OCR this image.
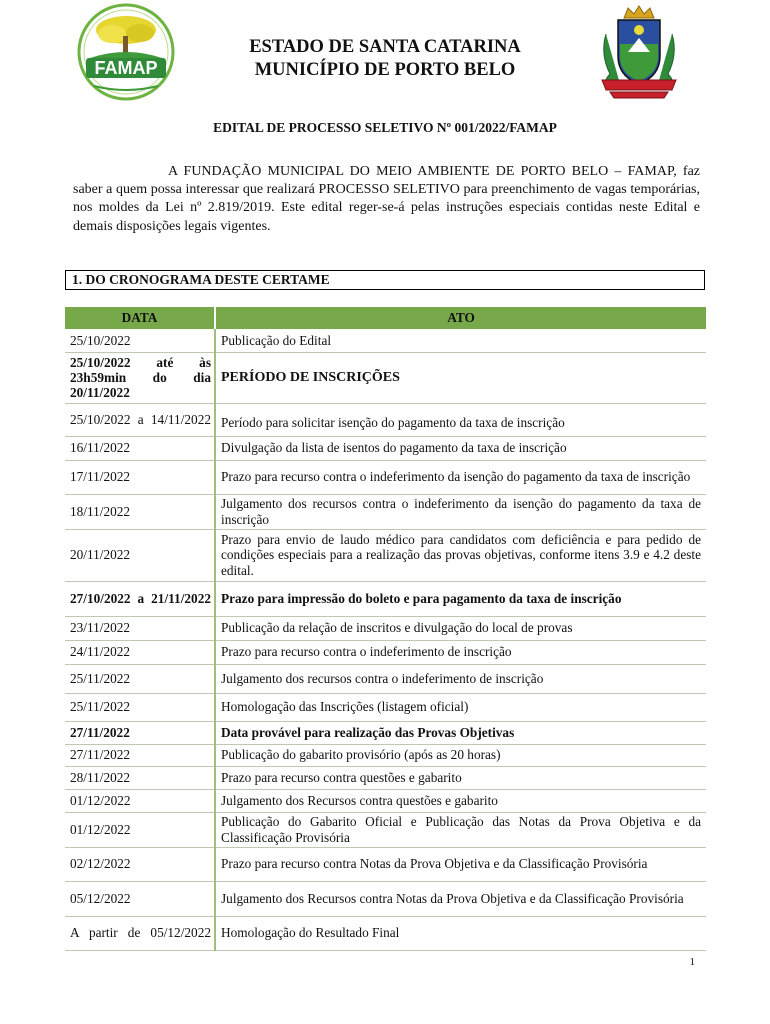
FAMAP
ESTADO DE SANTA CATARINA
MUNICÍPIO DE PORTO BELO
EDITAL DE PROCESSO SELETIVO Nº 001/2022/FAMAP
A FUNDAÇÃO MUNICIPAL DO MEIO AMBIENTE DE PORTO BELO – FAMAP, faz saber a quem possa interessar que realizará PROCESSO SELETIVO para preenchimento de vagas temporárias, nos moldes da Lei nº 2.819/2019. Este edital reger-se-á pelas instruções especiais contidas neste Edital e demais disposições legais vigentes.
1. DO CRONOGRAMA DESTE CERTAME
DATA	ATO
25/10/2022	Publicação do Edital
25/10/2022 até às 23h59min do dia 20/11/2022	PERÍODO DE INSCRIÇÕES
25/10/2022 a 14/11/2022	Período para solicitar isenção do pagamento da taxa de inscrição
16/11/2022	Divulgação da lista de isentos do pagamento da taxa de inscrição
17/11/2022	Prazo para recurso contra o indeferimento da isenção do pagamento da taxa de inscrição
18/11/2022	Julgamento dos recursos contra o indeferimento da isenção do pagamento da taxa de inscrição
20/11/2022	Prazo para envio de laudo médico para candidatos com deficiência e para pedido de condições especiais para a realização das provas objetivas, conforme itens 3.9 e 4.2 deste edital.
27/10/2022 a 21/11/2022	Prazo para impressão do boleto e para pagamento da taxa de inscrição
23/11/2022	Publicação da relação de inscritos e divulgação do local de provas
24/11/2022	Prazo para recurso contra o indeferimento de inscrição
25/11/2022	Julgamento dos recursos contra o indeferimento de inscrição
25/11/2022	Homologação das Inscrições (listagem oficial)
27/11/2022	Data provável para realização das Provas Objetivas
27/11/2022	Publicação do gabarito provisório (após as 20 horas)
28/11/2022	Prazo para recurso contra questões e gabarito
01/12/2022	Julgamento dos Recursos contra questões e gabarito
01/12/2022	Publicação do Gabarito Oficial e Publicação das Notas da Prova Objetiva e da Classificação Provisória
02/12/2022	Prazo para recurso contra Notas da Prova Objetiva e da Classificação Provisória
05/12/2022	Julgamento dos Recursos contra Notas da Prova Objetiva e da Classificação Provisória
A partir de 05/12/2022	Homologação do Resultado Final
1
